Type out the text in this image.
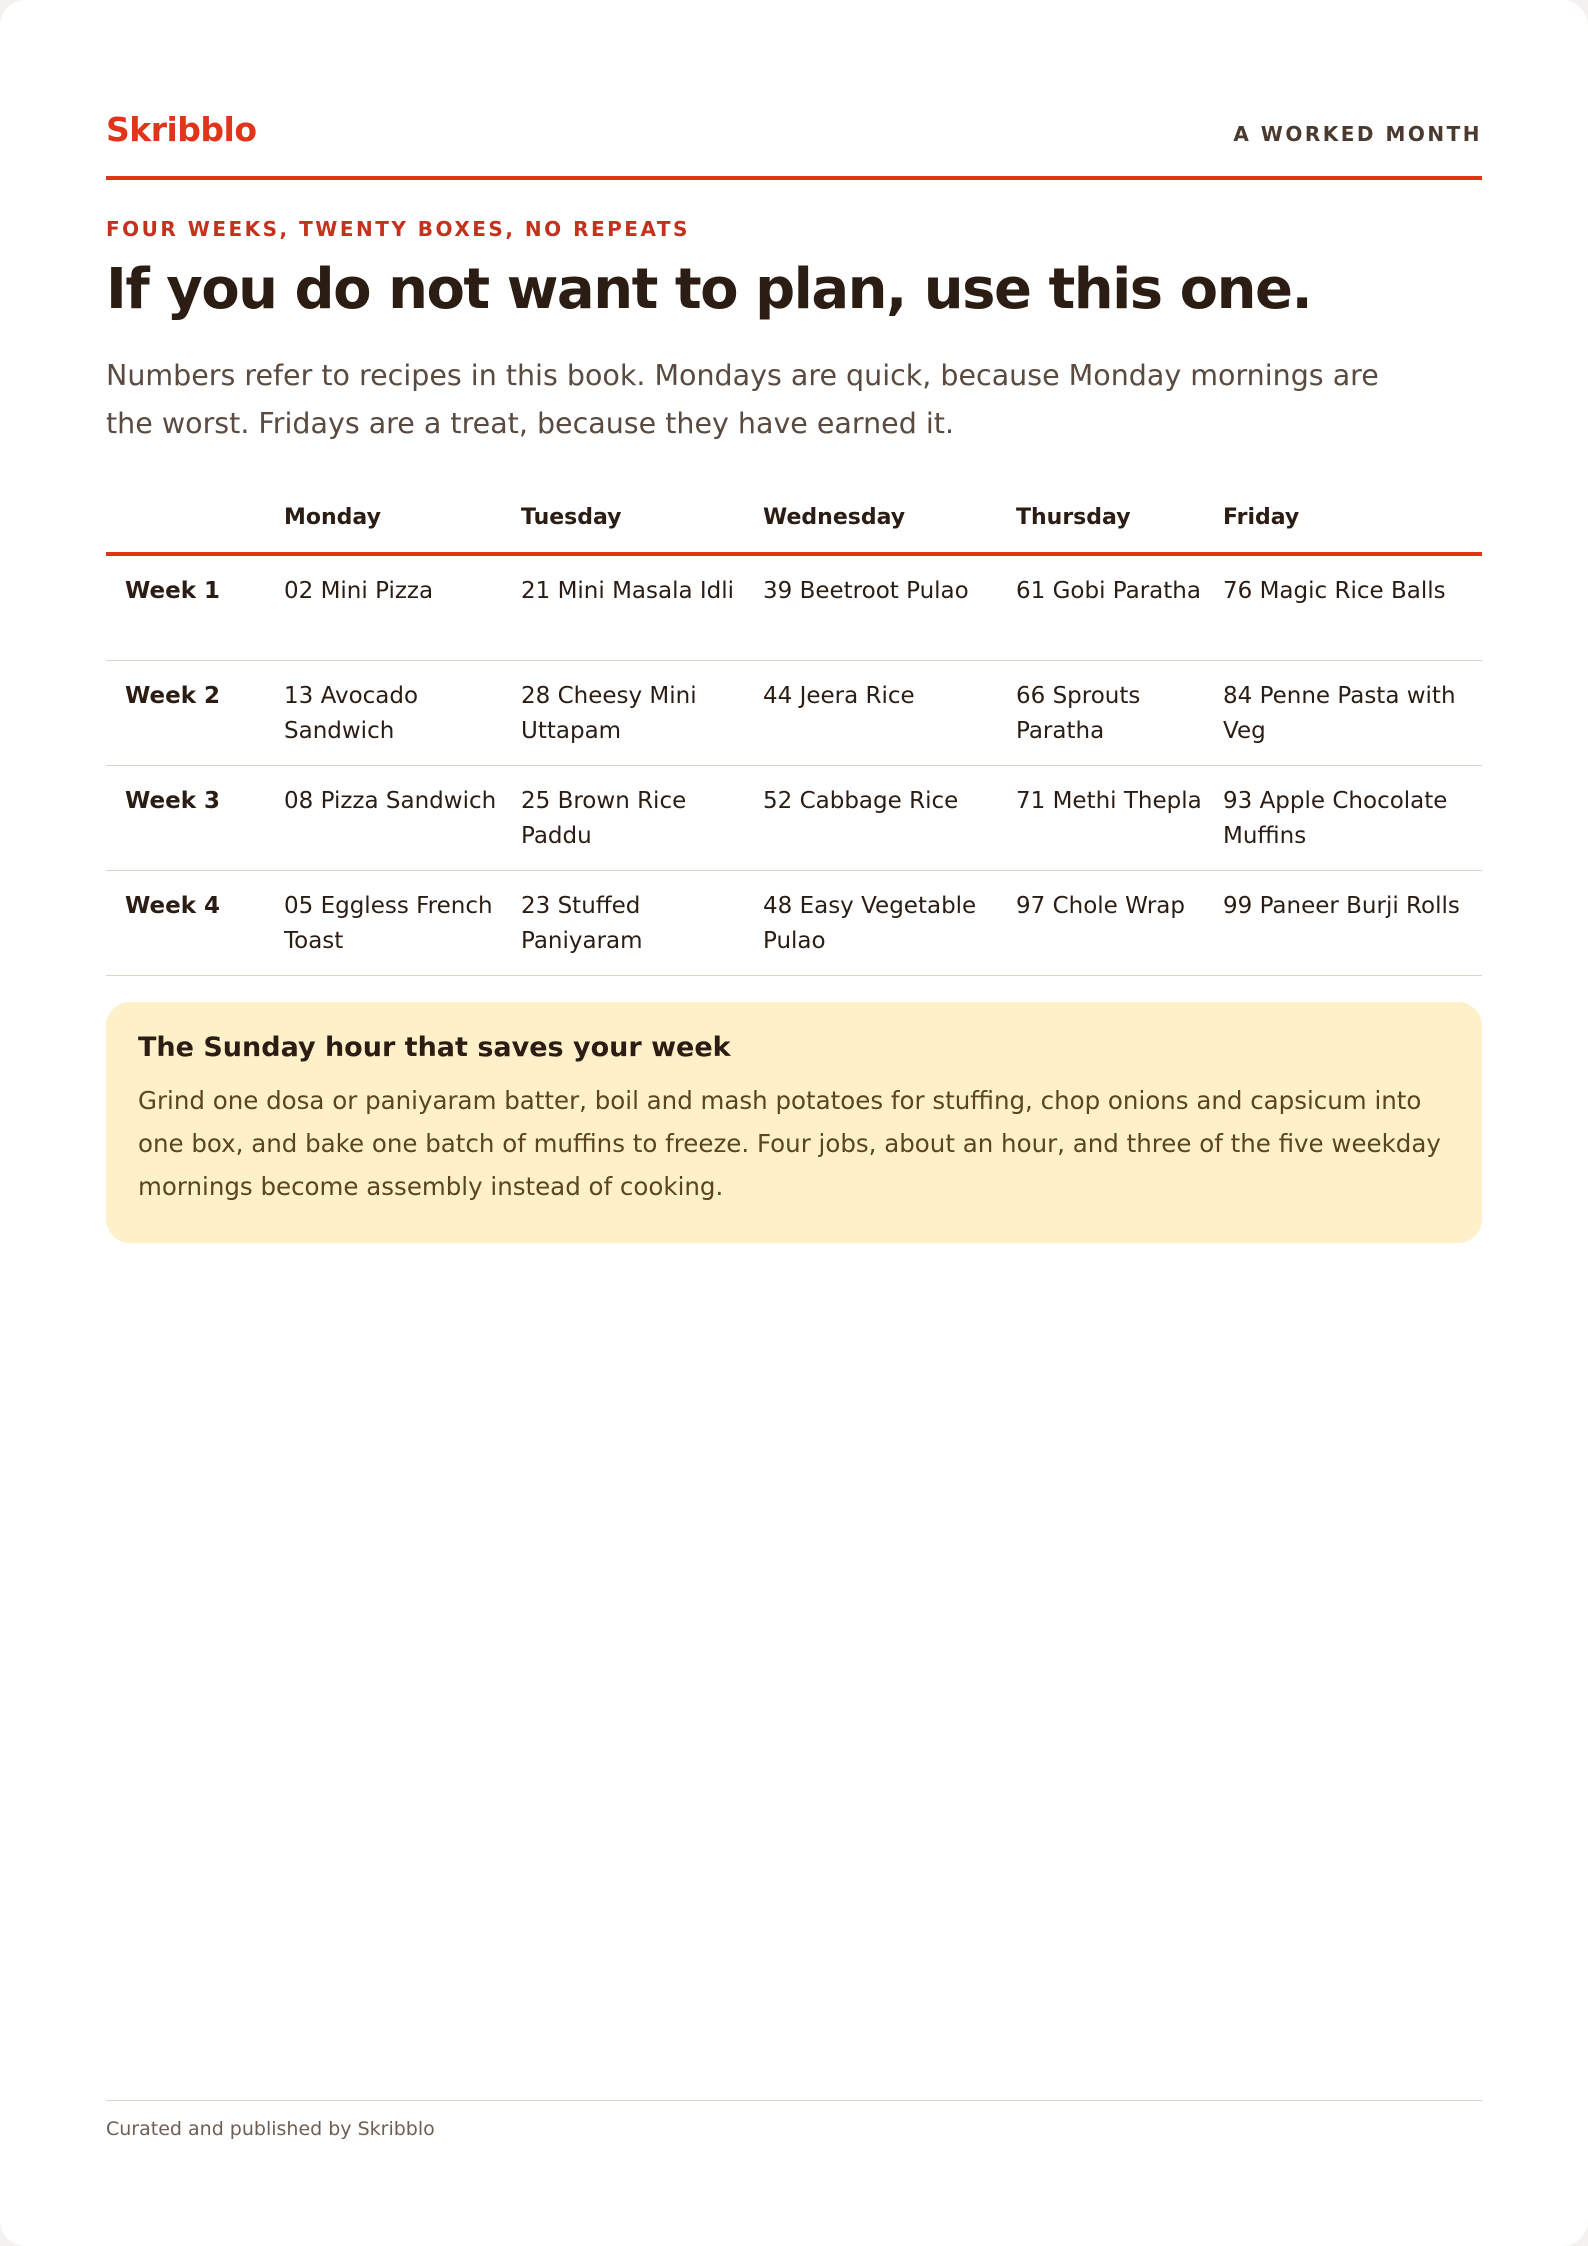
Skribblo	A WORKED MONTH
FOUR WEEKS, TWENTY BOXES, NO REPEATS
If you do not want to plan, use this one.
Numbers refer to recipes in this book. Mondays are quick, because Monday mornings are the worst. Fridays are a treat, because they have earned it.
	Monday	Tuesday	Wednesday	Thursday	Friday
Week 1	02 Mini Pizza	21 Mini Masala Idli	39 Beetroot Pulao	61 Gobi Paratha	76 Magic Rice Balls
Week 2	13 Avocado Sandwich	28 Cheesy Mini Uttapam	44 Jeera Rice	66 Sprouts Paratha	84 Penne Pasta with Veg
Week 3	08 Pizza Sandwich	25 Brown Rice Paddu	52 Cabbage Rice	71 Methi Thepla	93 Apple Chocolate Muffins
Week 4	05 Eggless French Toast	23 Stuffed Paniyaram	48 Easy Vegetable Pulao	97 Chole Wrap	99 Paneer Burji Rolls
The Sunday hour that saves your week
Grind one dosa or paniyaram batter, boil and mash potatoes for stuffing, chop onions and capsicum into one box, and bake one batch of muffins to freeze. Four jobs, about an hour, and three of the five weekday mornings become assembly instead of cooking.
Curated and published by Skribblo
